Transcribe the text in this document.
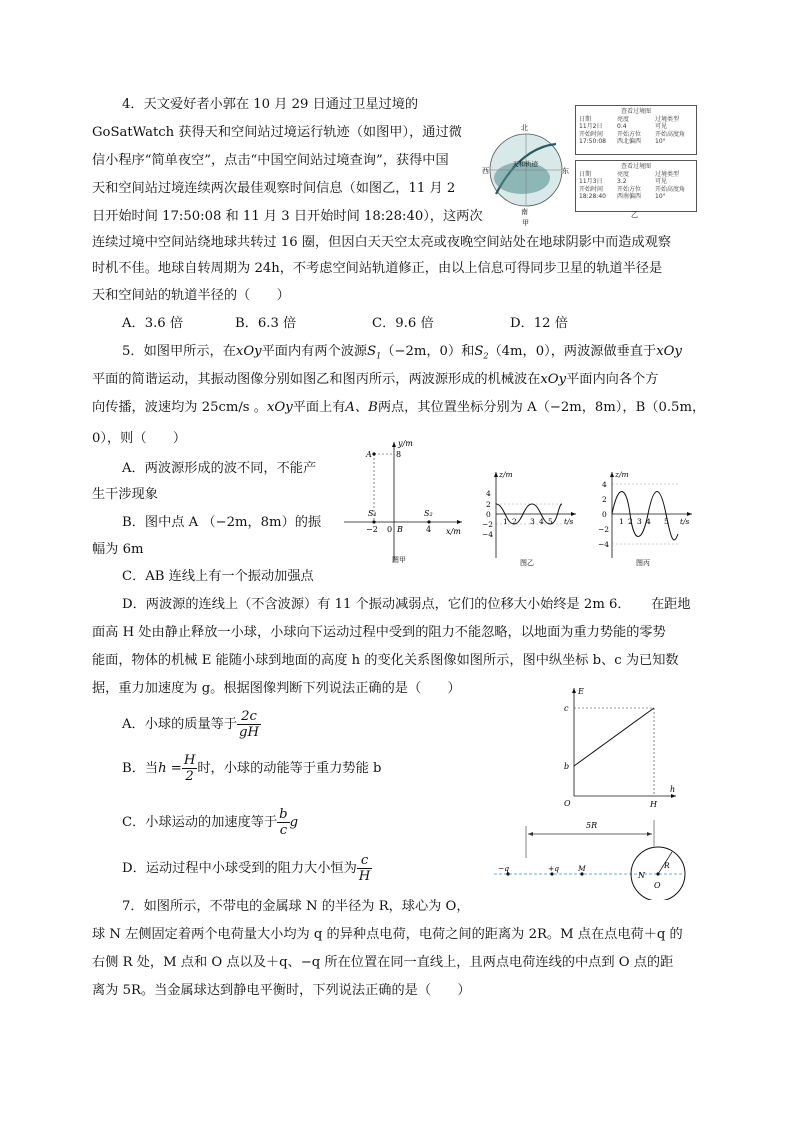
4．天文爱好者小郭在 10 月 29 日通过卫星过境的
GoSatWatch 获得天和空间站过境运行轨迹（如图甲），通过微
信小程序“简单夜空”，点击“中国空间站过境查询”，获得中国
天和空间站过境连续两次最佳观察时间信息（如图乙，11 月 2
日开始时间 17:50:08 和 11 月 3 日开始时间 18:28:40），这两次
连续过境中空间站绕地球共转过 16 圈，但因白天天空太亮或夜晚空间站处在地球阴影中而造成观察
时机不佳。地球自转周期为 24h，不考虑空间站轨道修正，由以上信息可得同步卫星的轨道半径是
天和空间站的轨道半径的（　　）
A．3.6 倍	B．6.3 倍	C．9.6 倍	D．12 倍
北
西	东
南
天和轨迹
甲
查看过境图
日期	亮度	过境类型
11月2日	0.4	可见
开始时间	开始方位	开始高度角
17:50:08	西北偏西	10°
查看过境图
日期	亮度	过境类型
11月3日	3.2	可见
开始时间	开始方位	开始高度角
18:28:40	西南偏西	10°
乙
5．如图甲所示，在xOy平面内有两个波源$S_1(-2m$，0）和$S_2(4m$，0），两波源做垂直于xOy
平面的简谐运动，其振动图像分别如图乙和图丙所示，两波源形成的机械波在xOy平面内向各个方
向传播，波速均为 25cm/s 。xOy平面上有A、B两点，其位置坐标分别为 A（−2m，8m），B（0.5m，
0），则（　　）
A．两波源形成的波不同，不能产
生干涉现象
B．图中点 A （−2m，8m）的振
幅为 6m
C．AB 连线上有一个振动加强点
D．两波源的连线上（不含波源）有 11 个振动减弱点，它们的位移大小始终是 2m 6．
y/m
x/m
A	8
S₁	S₂
−2 0 B	4
图甲
z/m
t/s
4
2
0
−2
−4
1 2 3 4 5
图乙
z/m
t/s
4
2
0
−2
−4
1 2 3 4 5
图丙
在距地
面高 H 处由静止释放一小球，小球向下运动过程中受到的阻力不能忽略，以地面为重力势能的零势
能面，物体的机械 E 能随小球到地面的高度 h 的变化关系图像如图所示，图中纵坐标 b、c 为已知数
据，重力加速度为 g。根据图像判断下列说法正确的是（　　）
A．小球的质量等于 $\frac{2c}{gH}$
B．当$h = \frac{H}{2}$ 时，小球的动能等于重力势能 b
C．小球运动的加速度等于 $\frac{b}{c}$ g
D．运动过程中小球受到的阻力大小恒为 $\frac{c}{H}$
E
c
b
O
h
H
5R
−q	+q	M
N
R
O
7．如图所示，不带电的金属球 N 的半径为 R，球心为 O，
球 N 左侧固定着两个电荷量大小均为 q 的异种点电荷，电荷之间的距离为 2R。M 点在点电荷＋q 的
右侧 R 处，M 点和 O 点以及＋q、−q 所在位置在同一直线上，且两点电荷连线的中点到 O 点的距
离为 5R。当金属球达到静电平衡时，下列说法正确的是（　　）
